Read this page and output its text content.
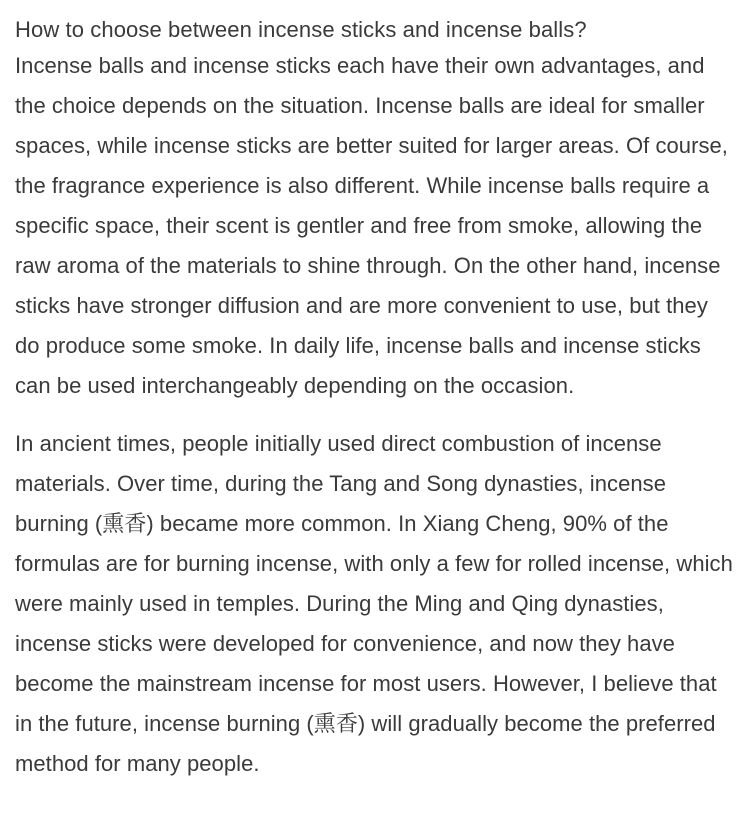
How to choose between incense sticks and incense balls?

Incense balls and incense sticks each have their own advantages, and the choice depends on the situation. Incense balls are ideal for smaller spaces, while incense sticks are better suited for larger areas. Of course, the fragrance experience is also different. While incense balls require a specific space, their scent is gentler and free from smoke, allowing the raw aroma of the materials to shine through. On the other hand, incense sticks have stronger diffusion and are more convenient to use, but they do produce some smoke. In daily life, incense balls and incense sticks can be used interchangeably depending on the occasion.

In ancient times, people initially used direct combustion of incense materials. Over time, during the Tang and Song dynasties, incense burning (熏香) became more common. In Xiang Cheng, 90% of the formulas are for burning incense, with only a few for rolled incense, which were mainly used in temples. During the Ming and Qing dynasties, incense sticks were developed for convenience, and now they have become the mainstream incense for most users. However, I believe that in the future, incense burning (熏香) will gradually become the preferred method for many people.
